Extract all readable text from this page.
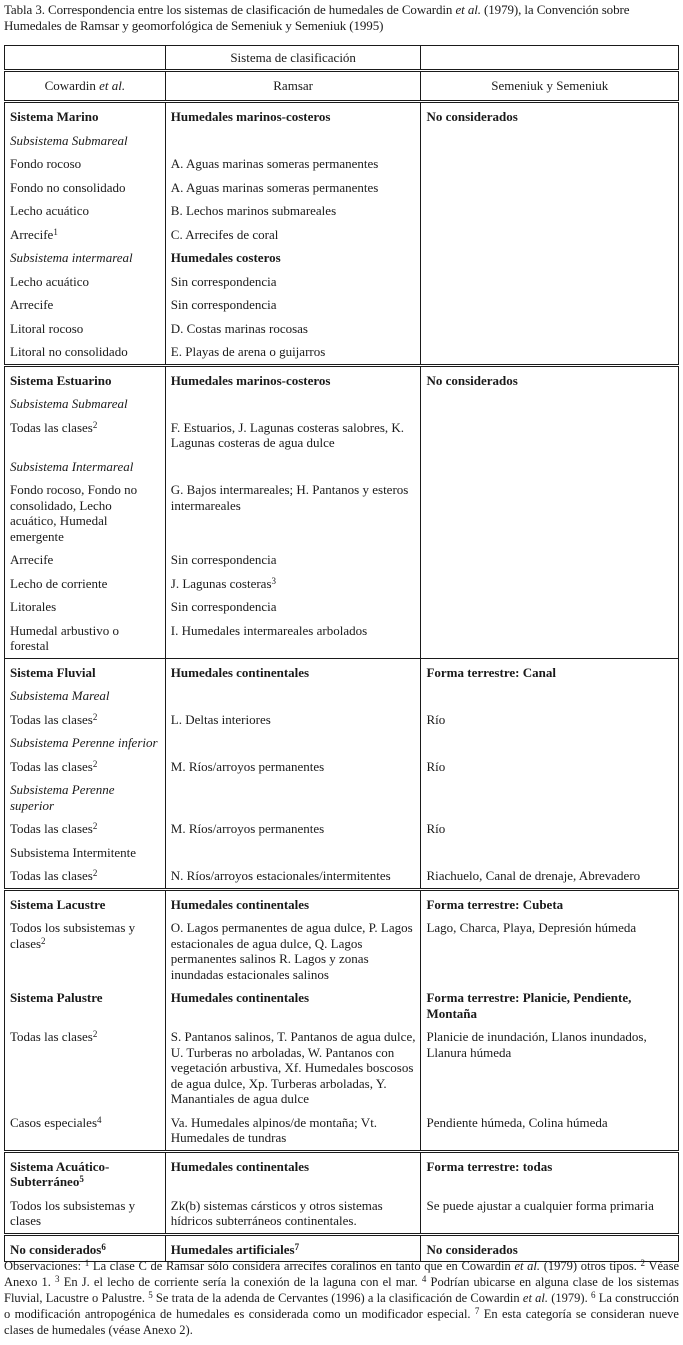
Tabla 3. Correspondencia entre los sistemas de clasificación de humedales de Cowardin et al. (1979), la Convención sobre Humedales de Ramsar y geomorfológica de Semeniuk y Semeniuk (1995)
	Sistema de clasificación	
Cowardin et al.	Ramsar	Semeniuk y Semeniuk
Sistema Marino	Humedales marinos-costeros	No considerados
Subsistema Submareal		
Fondo rocoso	A. Aguas marinas someras permanentes	
Fondo no consolidado	A. Aguas marinas someras permanentes	
Lecho acuático	B. Lechos marinos submareales	
Arrecife$^1$	C. Arrecifes de coral	
Subsistema intermareal	Humedales costeros	
Lecho acuático	Sin correspondencia	
Arrecife	Sin correspondencia	
Litoral rocoso	D. Costas marinas rocosas	
Litoral no consolidado	E. Playas de arena o guijarros	
Sistema Estuarino	Humedales marinos-costeros	No considerados
Subsistema Submareal		
Todas las clases$^2$	F. Estuarios, J. Lagunas costeras salobres, K. Lagunas costeras de agua dulce	
Subsistema Intermareal		
Fondo rocoso, Fondo no consolidado, Lecho acuático, Humedal emergente	G. Bajos intermareales; H. Pantanos y esteros intermareales	
Arrecife	Sin correspondencia	
Lecho de corriente	J. Lagunas costeras$^3$	
Litorales	Sin correspondencia	
Humedal arbustivo o forestal	I. Humedales intermareales arbolados	
Sistema Fluvial	Humedales continentales	Forma terrestre: Canal
Subsistema Mareal		
Todas las clases$^2$	L. Deltas interiores	Río
Subsistema Perenne inferior		
Todas las clases$^2$	M. Ríos/arroyos permanentes	Río
Subsistema Perenne superior		
Todas las clases$^2$	M. Ríos/arroyos permanentes	Río
Subsistema Intermitente		
Todas las clases$^2$	N. Ríos/arroyos estacionales/intermitentes	Riachuelo, Canal de drenaje, Abrevadero
Sistema Lacustre	Humedales continentales	Forma terrestre: Cubeta
Todos los subsistemas y clases$^2$	O. Lagos permanentes de agua dulce, P. Lagos estacionales de agua dulce, Q. Lagos permanentes salinos R. Lagos y zonas inundadas estacionales salinos	Lago, Charca, Playa, Depresión húmeda
Sistema Palustre	Humedales continentales	Forma terrestre: Planicie, Pendiente, Montaña
Todas las clases$^2$	S. Pantanos salinos, T. Pantanos de agua dulce, U. Turberas no arboladas, W. Pantanos con vegetación arbustiva, Xf. Humedales boscosos de agua dulce, Xp. Turberas arboladas, Y. Manantiales de agua dulce	Planicie de inundación, Llanos inundados, Llanura húmeda
Casos especiales$^4$	Va. Humedales alpinos/de montaña; Vt. Humedales de tundras	Pendiente húmeda, Colina húmeda
Sistema Acuático-Subterráneo$^5$	Humedales continentales	Forma terrestre: todas
Todos los subsistemas y clases	Zk(b) sistemas cársticos y otros sistemas hídricos subterráneos continentales.	Se puede ajustar a cualquier forma primaria
No considerados$^6$	Humedales artificiales$^7$	No considerados
Observaciones: $^1$ La clase C de Ramsar sólo considera arrecifes coralinos en tanto que en Cowardin et al. (1979) otros tipos. $^2$ Véase Anexo 1. $^3$ En J. el lecho de corriente sería la conexión de la laguna con el mar. $^4$ Podrían ubicarse en alguna clase de los sistemas Fluvial, Lacustre o Palustre. $^5$ Se trata de la adenda de Cervantes (1996) a la clasificación de Cowardin et al. (1979). $^6$ La construcción o modificación antropogénica de humedales es considerada como un modificador especial. $^7$ En esta categoría se consideran nueve clases de humedales (véase Anexo 2).
